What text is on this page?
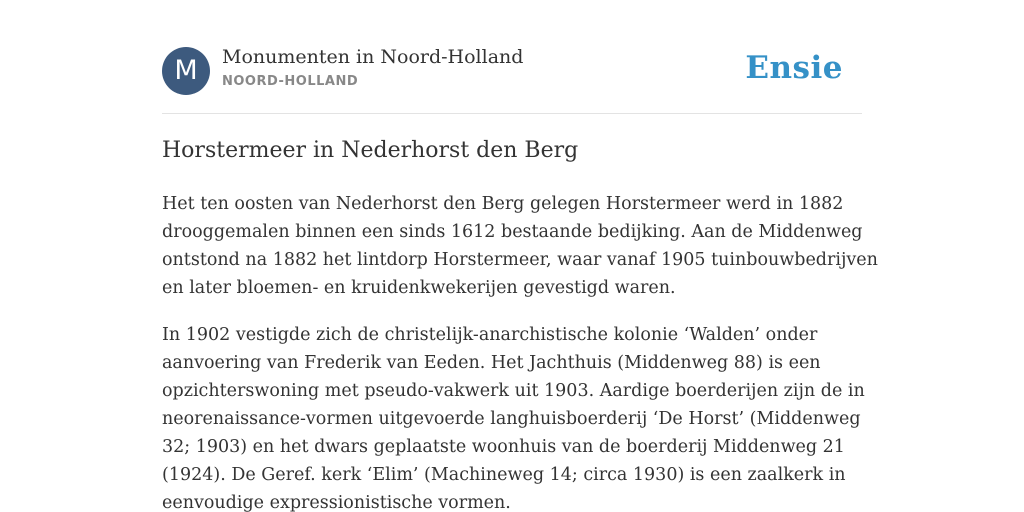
M	Monumenten in Noord-Holland
NOORD-HOLLAND	Ensie
Horstermeer in Nederhorst den Berg

Het ten oosten van Nederhorst den Berg gelegen Horstermeer werd in 1882
drooggemalen binnen een sinds 1612 bestaande bedijking. Aan de Middenweg
ontstond na 1882 het lintdorp Horstermeer, waar vanaf 1905 tuinbouwbedrijven
en later bloemen- en kruidenkwekerijen gevestigd waren.

In 1902 vestigde zich de christelijk-anarchistische kolonie ‘Walden’ onder
aanvoering van Frederik van Eeden. Het Jachthuis (Middenweg 88) is een
opzichterswoning met pseudo-vakwerk uit 1903. Aardige boerderijen zijn de in
neorenaissance-vormen uitgevoerde langhuisboerderij ‘De Horst’ (Middenweg
32; 1903) en het dwars geplaatste woonhuis van de boerderij Middenweg 21
(1924). De Geref. kerk ‘Elim’ (Machineweg 14; circa 1930) is een zaalkerk in
eenvoudige expressionistische vormen.
